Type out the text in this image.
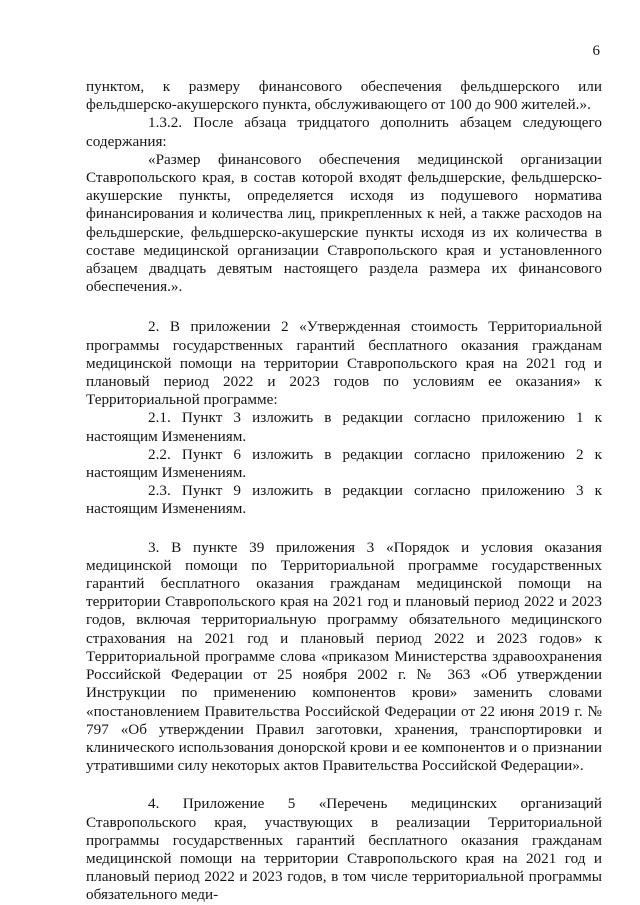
6

пунктом, к размеру финансового обеспечения фельдшерского или фельдшерско-акушерского пункта, обслуживающего от 100 до 900 жителей.».

1.3.2. После абзаца тридцатого дополнить абзацем следующего содержания:

«Размер финансового обеспечения медицинской организации Ставропольского края, в состав которой входят фельдшерские, фельдшерско-акушерские пункты, определяется исходя из подушевого норматива финансирования и количества лиц, прикрепленных к ней, а также расходов на фельдшерские, фельдшерско-акушерские пункты исходя из их количества в составе медицинской организации Ставропольского края и установленного абзацем двадцать девятым настоящего раздела размера их финансового обеспечения.».

2. В приложении 2 «Утвержденная стоимость Территориальной программы государственных гарантий бесплатного оказания гражданам медицинской помощи на территории Ставропольского края на 2021 год и плановый период 2022 и 2023 годов по условиям ее оказания» к Территориальной программе:

2.1. Пункт 3 изложить в редакции согласно приложению 1 к настоящим Изменениям.

2.2. Пункт 6 изложить в редакции согласно приложению 2 к настоящим Изменениям.

2.3. Пункт 9 изложить в редакции согласно приложению 3 к настоящим Изменениям.

3. В пункте 39 приложения 3 «Порядок и условия оказания медицинской помощи по Территориальной программе государственных гарантий бесплатного оказания гражданам медицинской помощи на территории Ставропольского края на 2021 год и плановый период 2022 и 2023 годов, включая территориальную программу обязательного медицинского страхования на 2021 год и плановый период 2022 и 2023 годов» к Территориальной программе слова «приказом Министерства здравоохранения Российской Федерации от 25 ноября 2002 г. № 363 «Об утверждении Инструкции по применению компонентов крови» заменить словами «постановлением Правительства Российской Федерации от 22 июня 2019 г. № 797 «Об утверждении Правил заготовки, хранения, транспортировки и клинического использования донорской крови и ее компонентов и о признании утратившими силу некоторых актов Правительства Российской Федерации».

4. Приложение 5 «Перечень медицинских организаций Ставропольского края, участвующих в реализации Территориальной программы государственных гарантий бесплатного оказания гражданам медицинской помощи на территории Ставропольского края на 2021 год и плановый период 2022 и 2023 годов, в том числе территориальной программы обязательного меди-
